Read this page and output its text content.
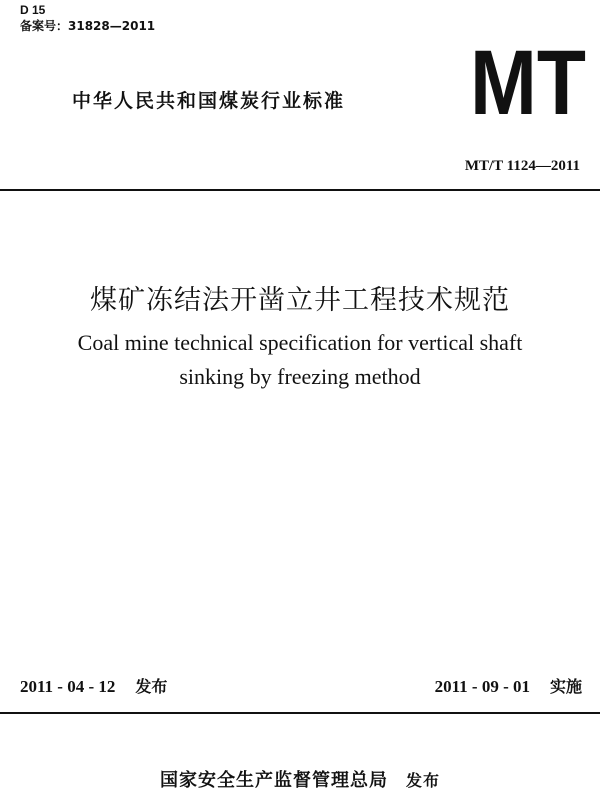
D 15
备案号：31828—2011
中华人民共和国煤炭行业标准 MT
MT/T 1124—2011
煤矿冻结法开凿立井工程技术规范
Coal mine technical specification for vertical shaft
sinking by freezing method
2011 - 04 - 12 发布	2011 - 09 - 01 实施
国家安全生产监督管理总局 发布
